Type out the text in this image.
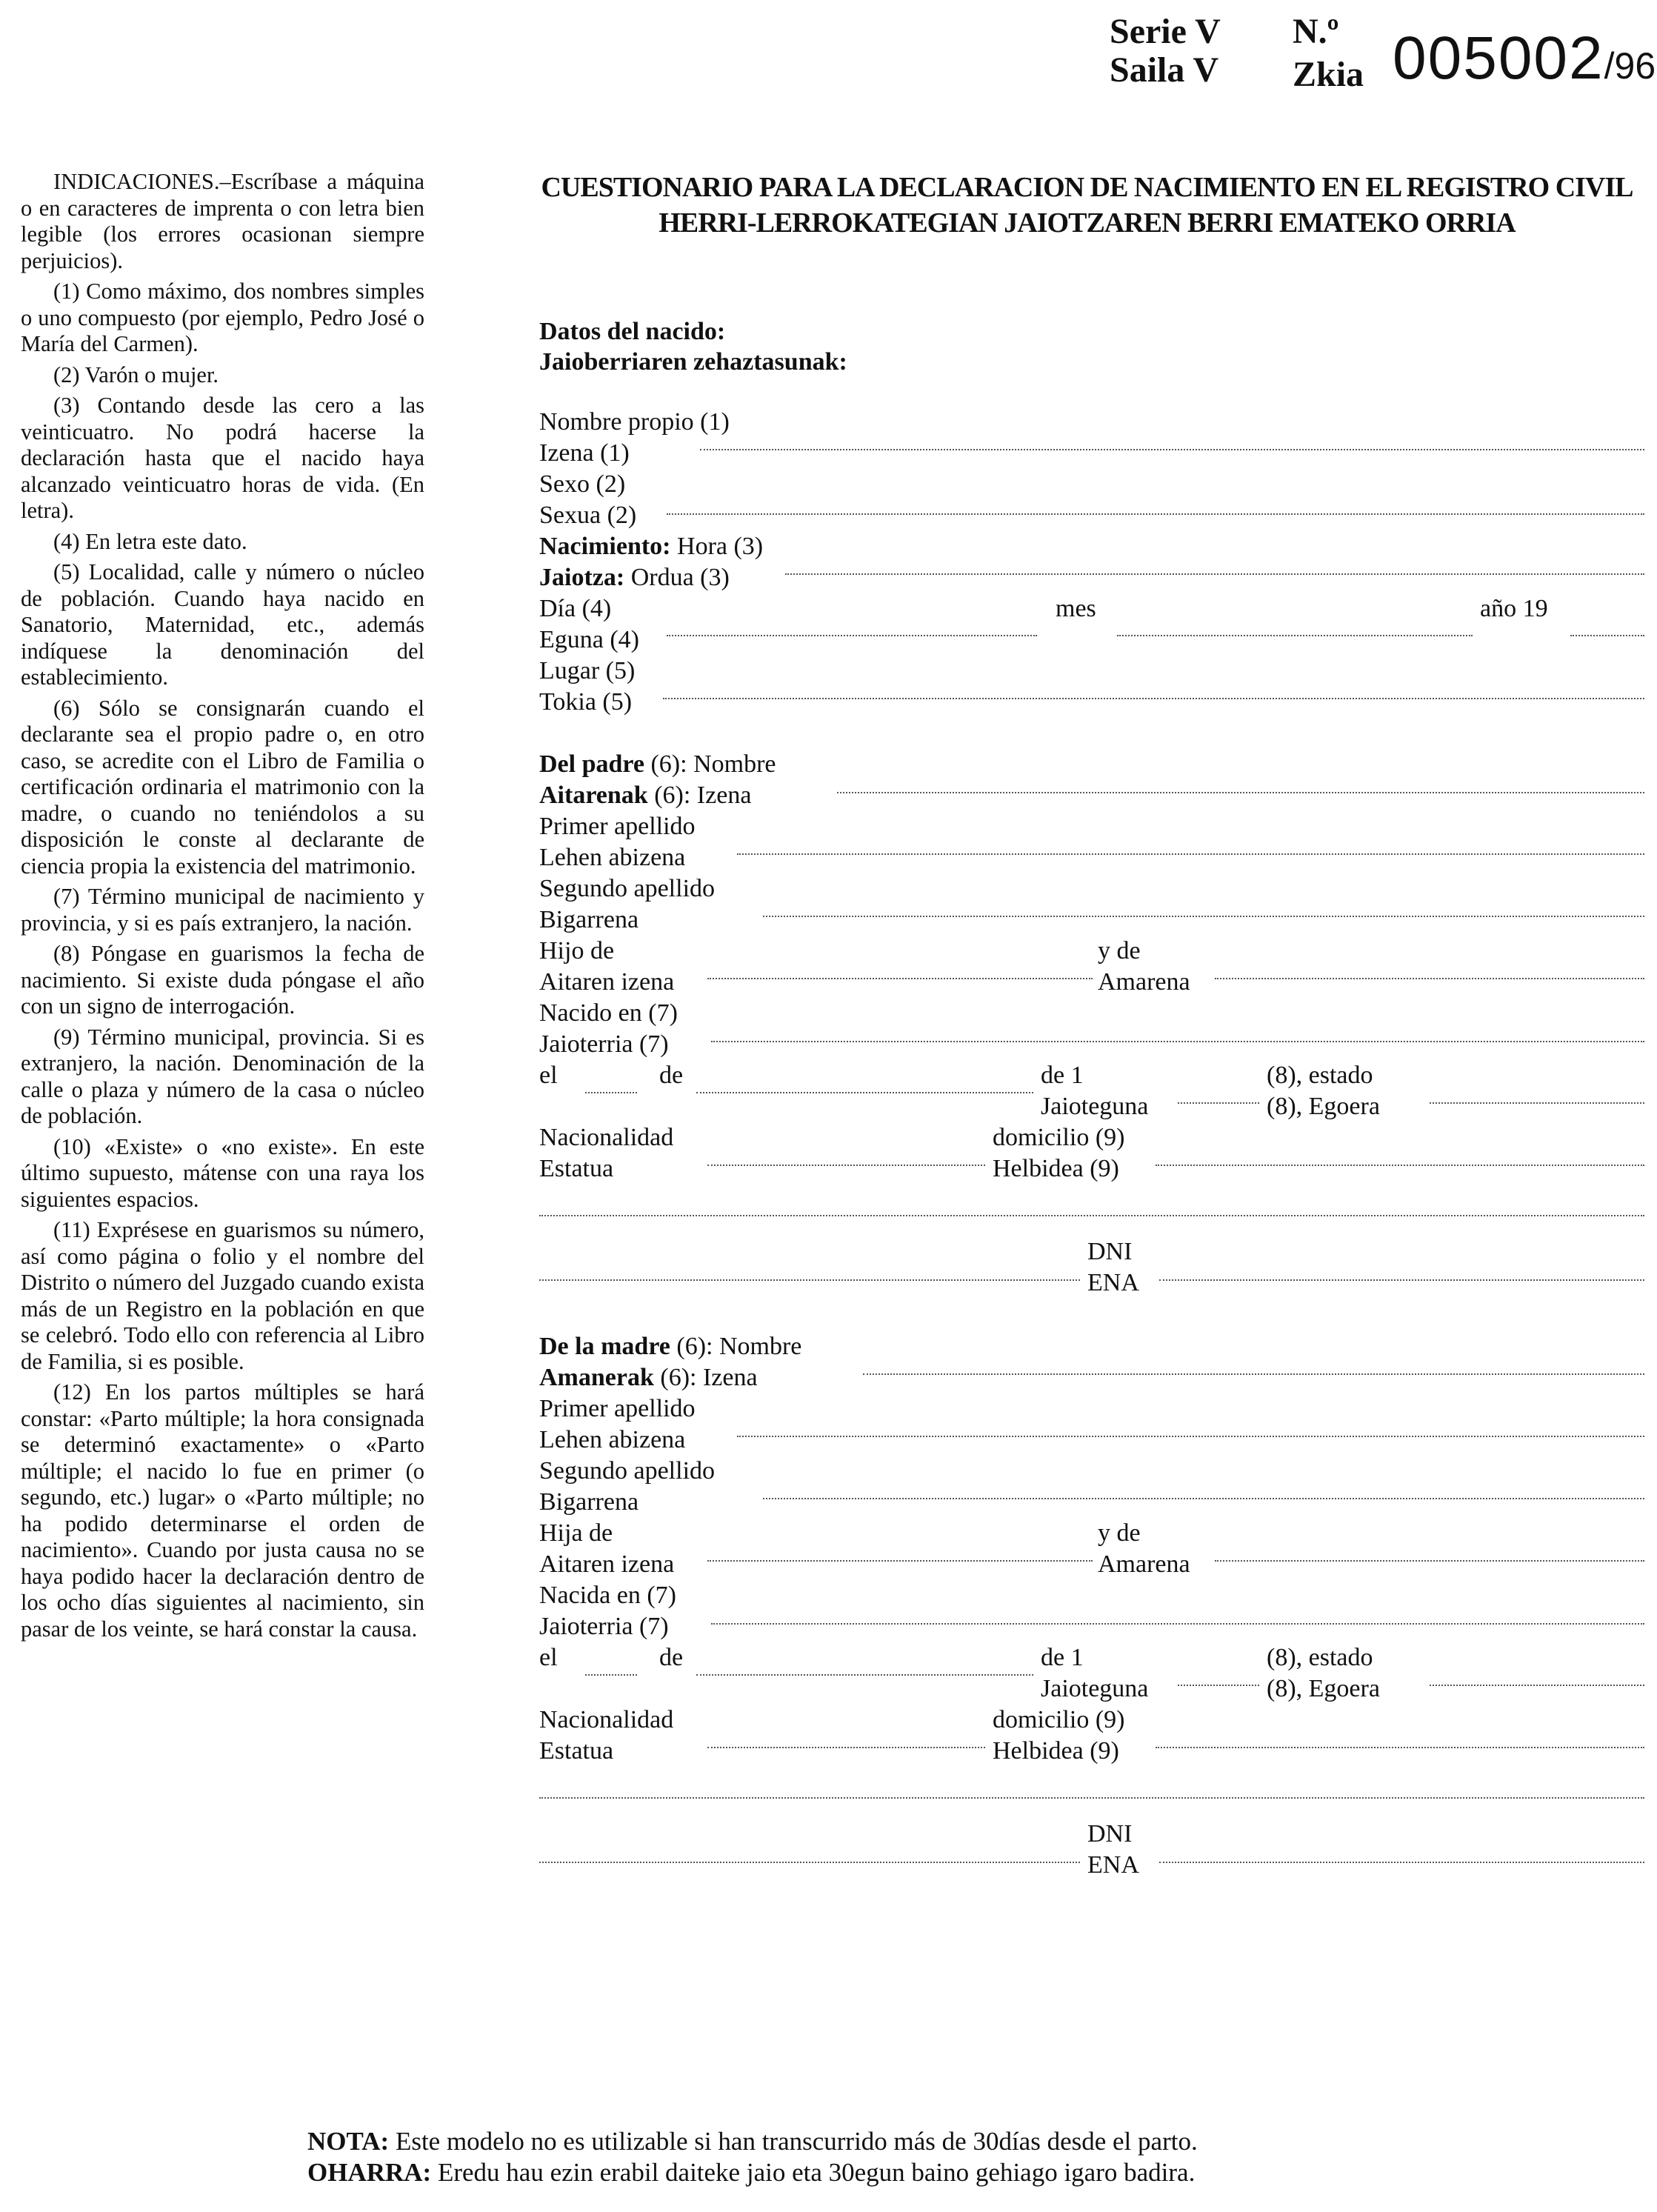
Serie V
Saila V
N.º
Zkia 005002/96

INDICACIONES.–Escríbase a máquina o en caracteres de imprenta o con letra bien legible (los errores ocasionan siempre perjuicios).

(1) Como máximo, dos nombres simples o uno compuesto (por ejemplo, Pedro José o María del Carmen).

(2) Varón o mujer.

(3) Contando desde las cero a las veinticuatro. No podrá hacerse la declaración hasta que el nacido haya alcanzado veinticuatro horas de vida. (En letra).

(4) En letra este dato.

(5) Localidad, calle y número o núcleo de población. Cuando haya nacido en Sanatorio, Maternidad, etc., además indíquese la denominación del establecimiento.

(6) Sólo se consignarán cuando el declarante sea el propio padre o, en otro caso, se acredite con el Libro de Familia o certificación ordinaria el matrimonio con la madre, o cuando no teniéndolos a su disposición le conste al declarante de ciencia propia la existencia del matrimonio.

(7) Término municipal de nacimiento y provincia, y si es país extranjero, la nación.

(8) Póngase en guarismos la fecha de nacimiento. Si existe duda póngase el año con un signo de interrogación.

(9) Término municipal, provincia. Si es extranjero, la nación. Denominación de la calle o plaza y número de la casa o núcleo de población.

(10) «Existe» o «no existe». En este último supuesto, mátense con una raya los siguientes espacios.

(11) Exprésese en guarismos su número, así como página o folio y el nombre del Distrito o número del Juzgado cuando exista más de un Registro en la población en que se celebró. Todo ello con referencia al Libro de Familia, si es posible.

(12) En los partos múltiples se hará constar: «Parto múltiple; la hora consignada se determinó exactamente» o «Parto múltiple; el nacido lo fue en primer (o segundo, etc.) lugar» o «Parto múltiple; no ha podido determinarse el orden de nacimiento». Cuando por justa causa no se haya podido hacer la declaración dentro de los ocho días siguientes al nacimiento, sin pasar de los veinte, se hará constar la causa.

CUESTIONARIO PARA LA DECLARACION DE NACIMIENTO EN EL REGISTRO CIVIL
HERRI-LERROKATEGIAN JAIOTZAREN BERRI EMATEKO ORRIA
Datos del nacido:
Jaioberriaren zehaztasunak:
Nombre propio (1)
Izena (1)
Sexo (2)
Sexua (2)
Nacimiento: Hora (3)
Jaiotza: Ordua (3)
Día (4)	mes	año 19
Eguna (4)
Lugar (5)
Tokia (5)
Del padre (6): Nombre
Aitarenak (6): Izena
Primer apellido
Lehen abizena
Segundo apellido
Bigarrena
Hijo de	y de
Aitaren izena	Amarena
Nacido en (7)
Jaioterria (7)
el	de	de 1	(8), estado
Jaioteguna	(8), Egoera
Nacionalidad	domicilio (9)
Estatua	Helbidea (9)
DNI
ENA
De la madre (6): Nombre
Amanerak (6): Izena
Primer apellido
Lehen abizena
Segundo apellido
Bigarrena
Hija de	y de
Aitaren izena	Amarena
Nacida en (7)
Jaioterria (7)
el	de	de 1	(8), estado
Jaioteguna	(8), Egoera
Nacionalidad	domicilio (9)
Estatua	Helbidea (9)
DNI
ENA
NOTA: Este modelo no es utilizable si han transcurrido más de 30días desde el parto.
OHARRA: Eredu hau ezin erabil daiteke jaio eta 30egun baino gehiago igaro badira.
